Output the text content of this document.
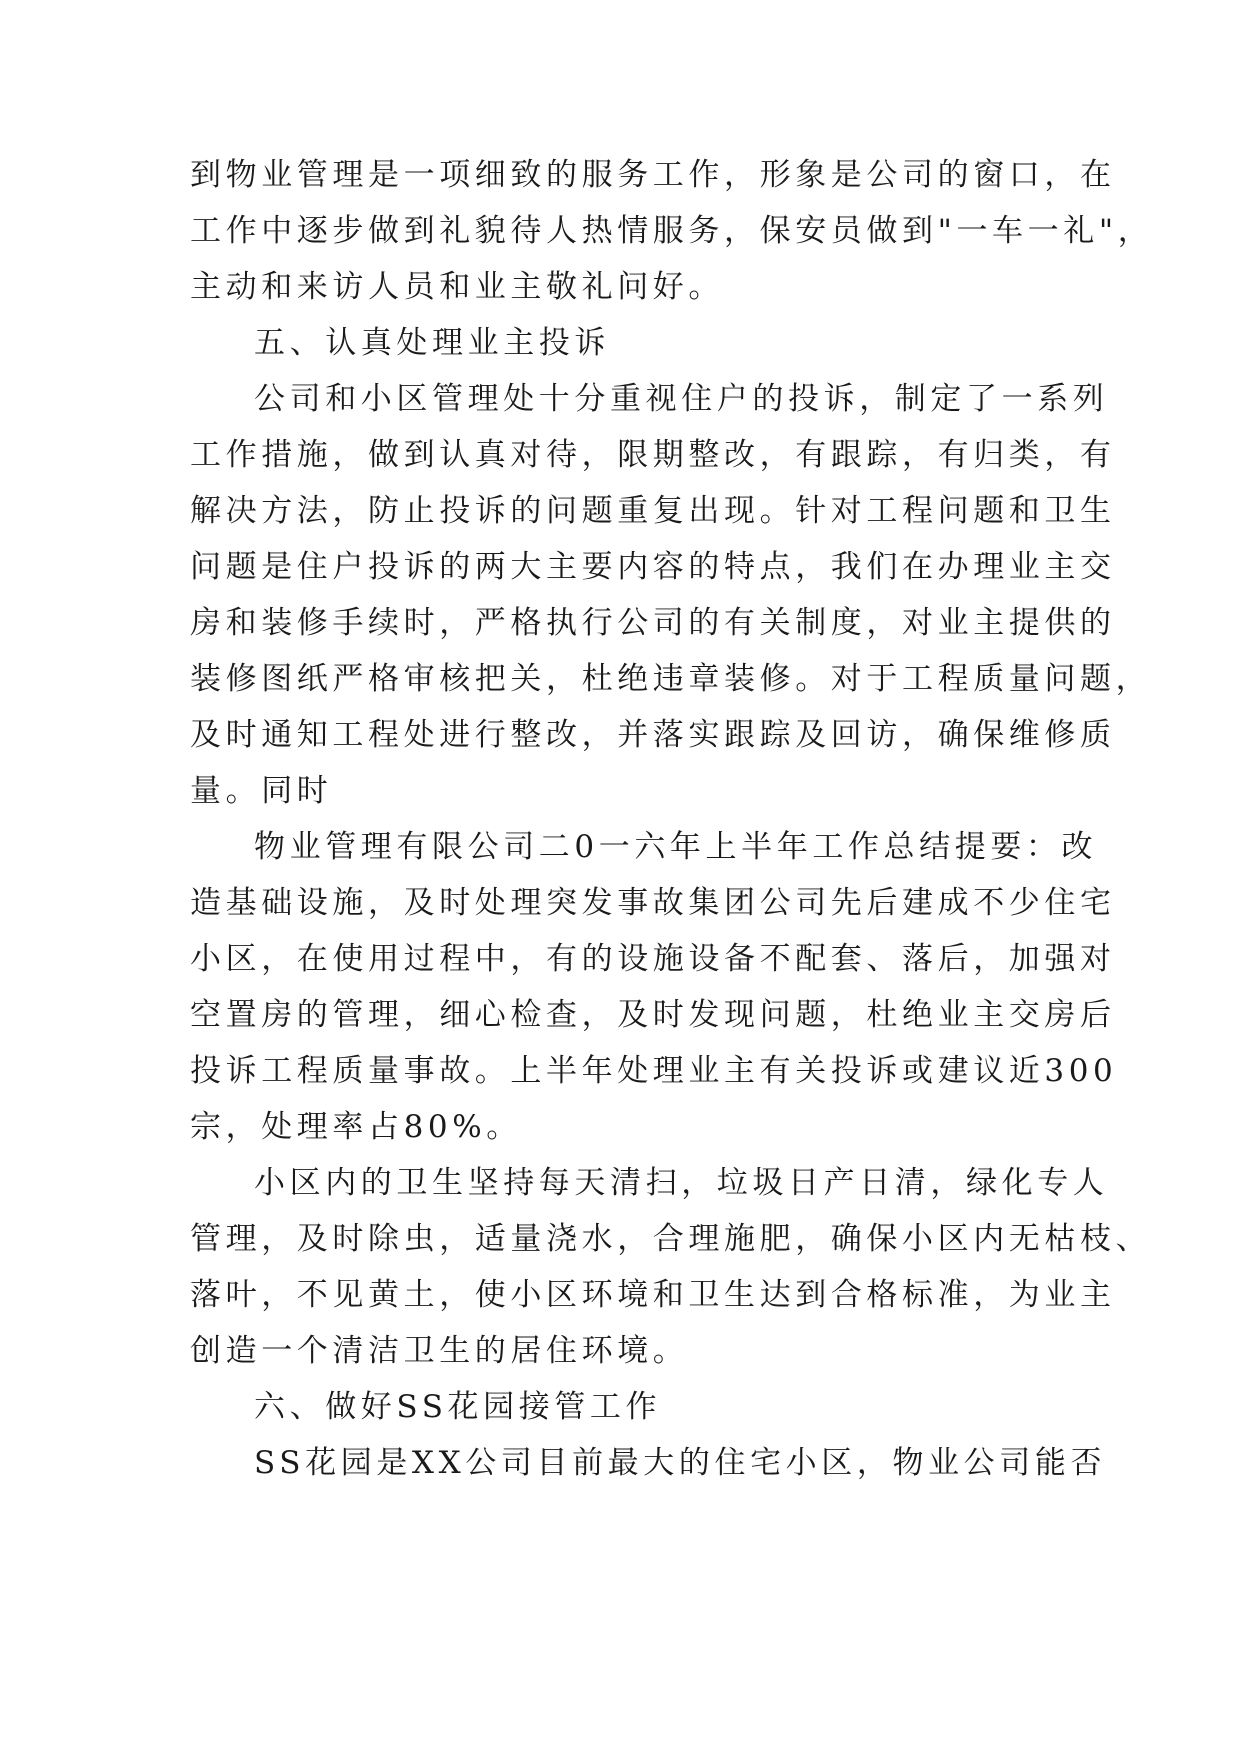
到物业管理是一项细致的服务工作，形象是公司的窗口，在
工作中逐步做到礼貌待人热情服务，保安员做到"一车一礼"，
主动和来访人员和业主敬礼问好。
五、认真处理业主投诉
公司和小区管理处十分重视住户的投诉，制定了一系列
工作措施，做到认真对待，限期整改，有跟踪，有归类，有
解决方法，防止投诉的问题重复出现。针对工程问题和卫生
问题是住户投诉的两大主要内容的特点，我们在办理业主交
房和装修手续时，严格执行公司的有关制度，对业主提供的
装修图纸严格审核把关，杜绝违章装修。对于工程质量问题，
及时通知工程处进行整改，并落实跟踪及回访，确保维修质
量。同时
物业管理有限公司二0一六年上半年工作总结提要：改
造基础设施，及时处理突发事故集团公司先后建成不少住宅
小区，在使用过程中，有的设施设备不配套、落后，加强对
空置房的管理，细心检查，及时发现问题，杜绝业主交房后
投诉工程质量事故。上半年处理业主有关投诉或建议近300
宗，处理率占80%。
小区内的卫生坚持每天清扫，垃圾日产日清，绿化专人
管理，及时除虫，适量浇水，合理施肥，确保小区内无枯枝、
落叶，不见黄土，使小区环境和卫生达到合格标准，为业主
创造一个清洁卫生的居住环境。
六、做好SS花园接管工作
SS花园是XX公司目前最大的住宅小区，物业公司能否
